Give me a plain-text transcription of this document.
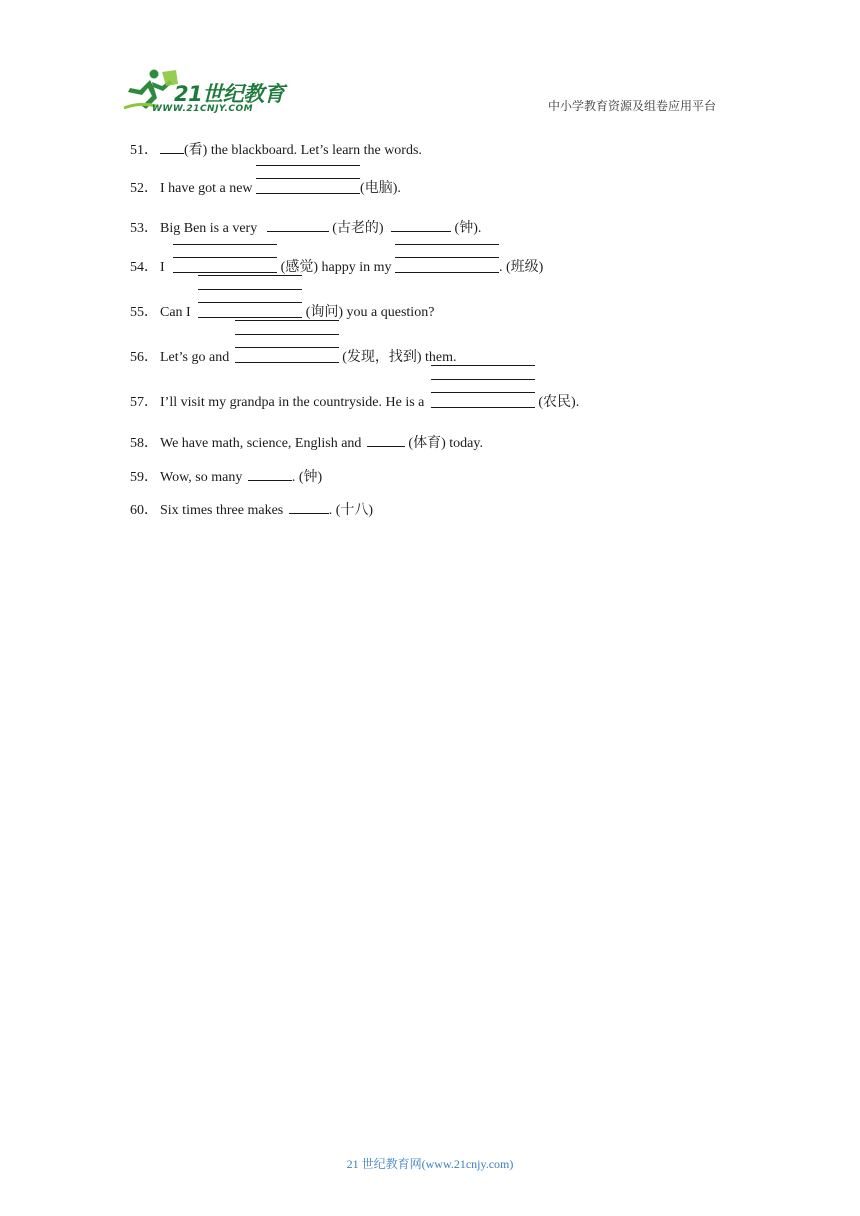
21世纪教育
WWW.21CNJY.COM	中小学教育资源及组卷应用平台
51． (看) the blackboard. Let’s learn the words.
52． I have got a new	(电脑).
53． Big Ben is a very	(古老的)	(钟).
54． I	(感觉) happy in my	. (班级)
55． Can I	(询问) you a question?
56． Let’s go and	(发现，找到) them.
57． I’ll visit my grandpa in the countryside. He is a	(农民).
58． We have math, science, English and	(体育) today.
59． Wow, so many	. (钟)
60． Six times three makes	. (十八)
21 世纪教育网(www.21cnjy.com)
